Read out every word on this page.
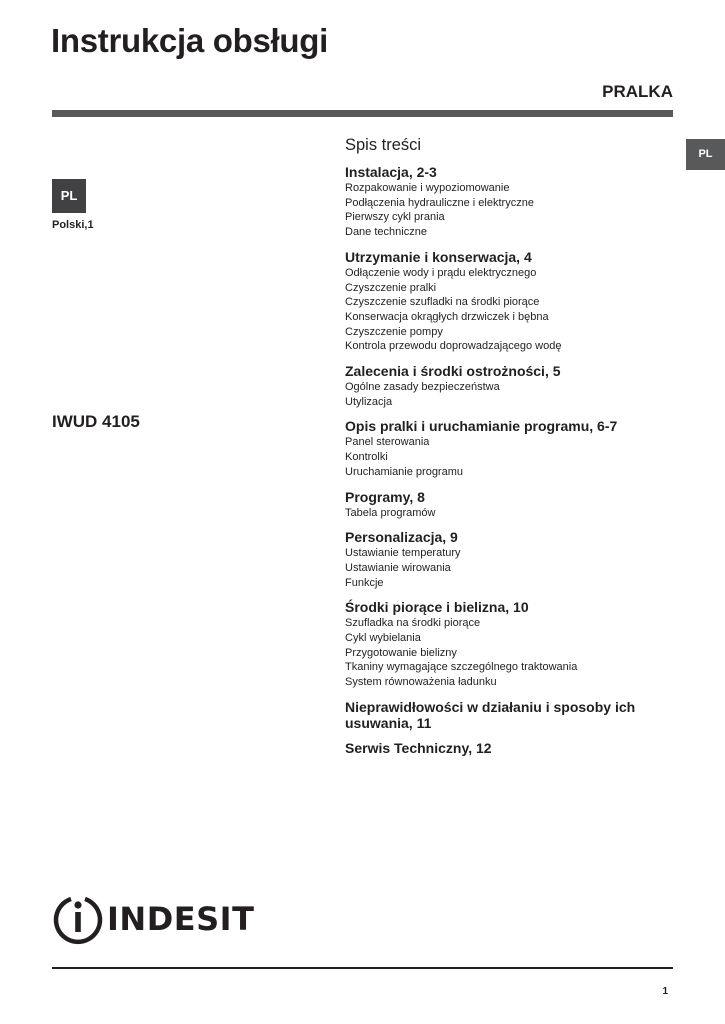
Instrukcja obsługi
PRALKA
PL
PL
Polski,1
IWUD 4105
Spis treści
Instalacja, 2-3
Rozpakowanie i wypoziomowanie
Podłączenia hydrauliczne i elektryczne
Pierwszy cykl prania
Dane techniczne
Utrzymanie i konserwacja, 4
Odłączenie wody i prądu elektrycznego
Czyszczenie pralki
Czyszczenie szufladki na środki piorące
Konserwacja okrągłych drzwiczek i bębna
Czyszczenie pompy
Kontrola przewodu doprowadzającego wodę
Zalecenia i środki ostrożności, 5
Ogólne zasady bezpieczeństwa
Utylizacja
Opis pralki i uruchamianie programu, 6-7
Panel sterowania
Kontrolki
Uruchamianie programu
Programy, 8
Tabela programów
Personalizacja, 9
Ustawianie temperatury
Ustawianie wirowania
Funkcje
Środki piorące i bielizna, 10
Szufladka na środki piorące
Cykl wybielania
Przygotowanie bielizny
Tkaniny wymagające szczególnego traktowania
System równoważenia ładunku
Nieprawidłowości w działaniu i sposoby ich usuwania, 11
Serwis Techniczny, 12
INDESIT
1
